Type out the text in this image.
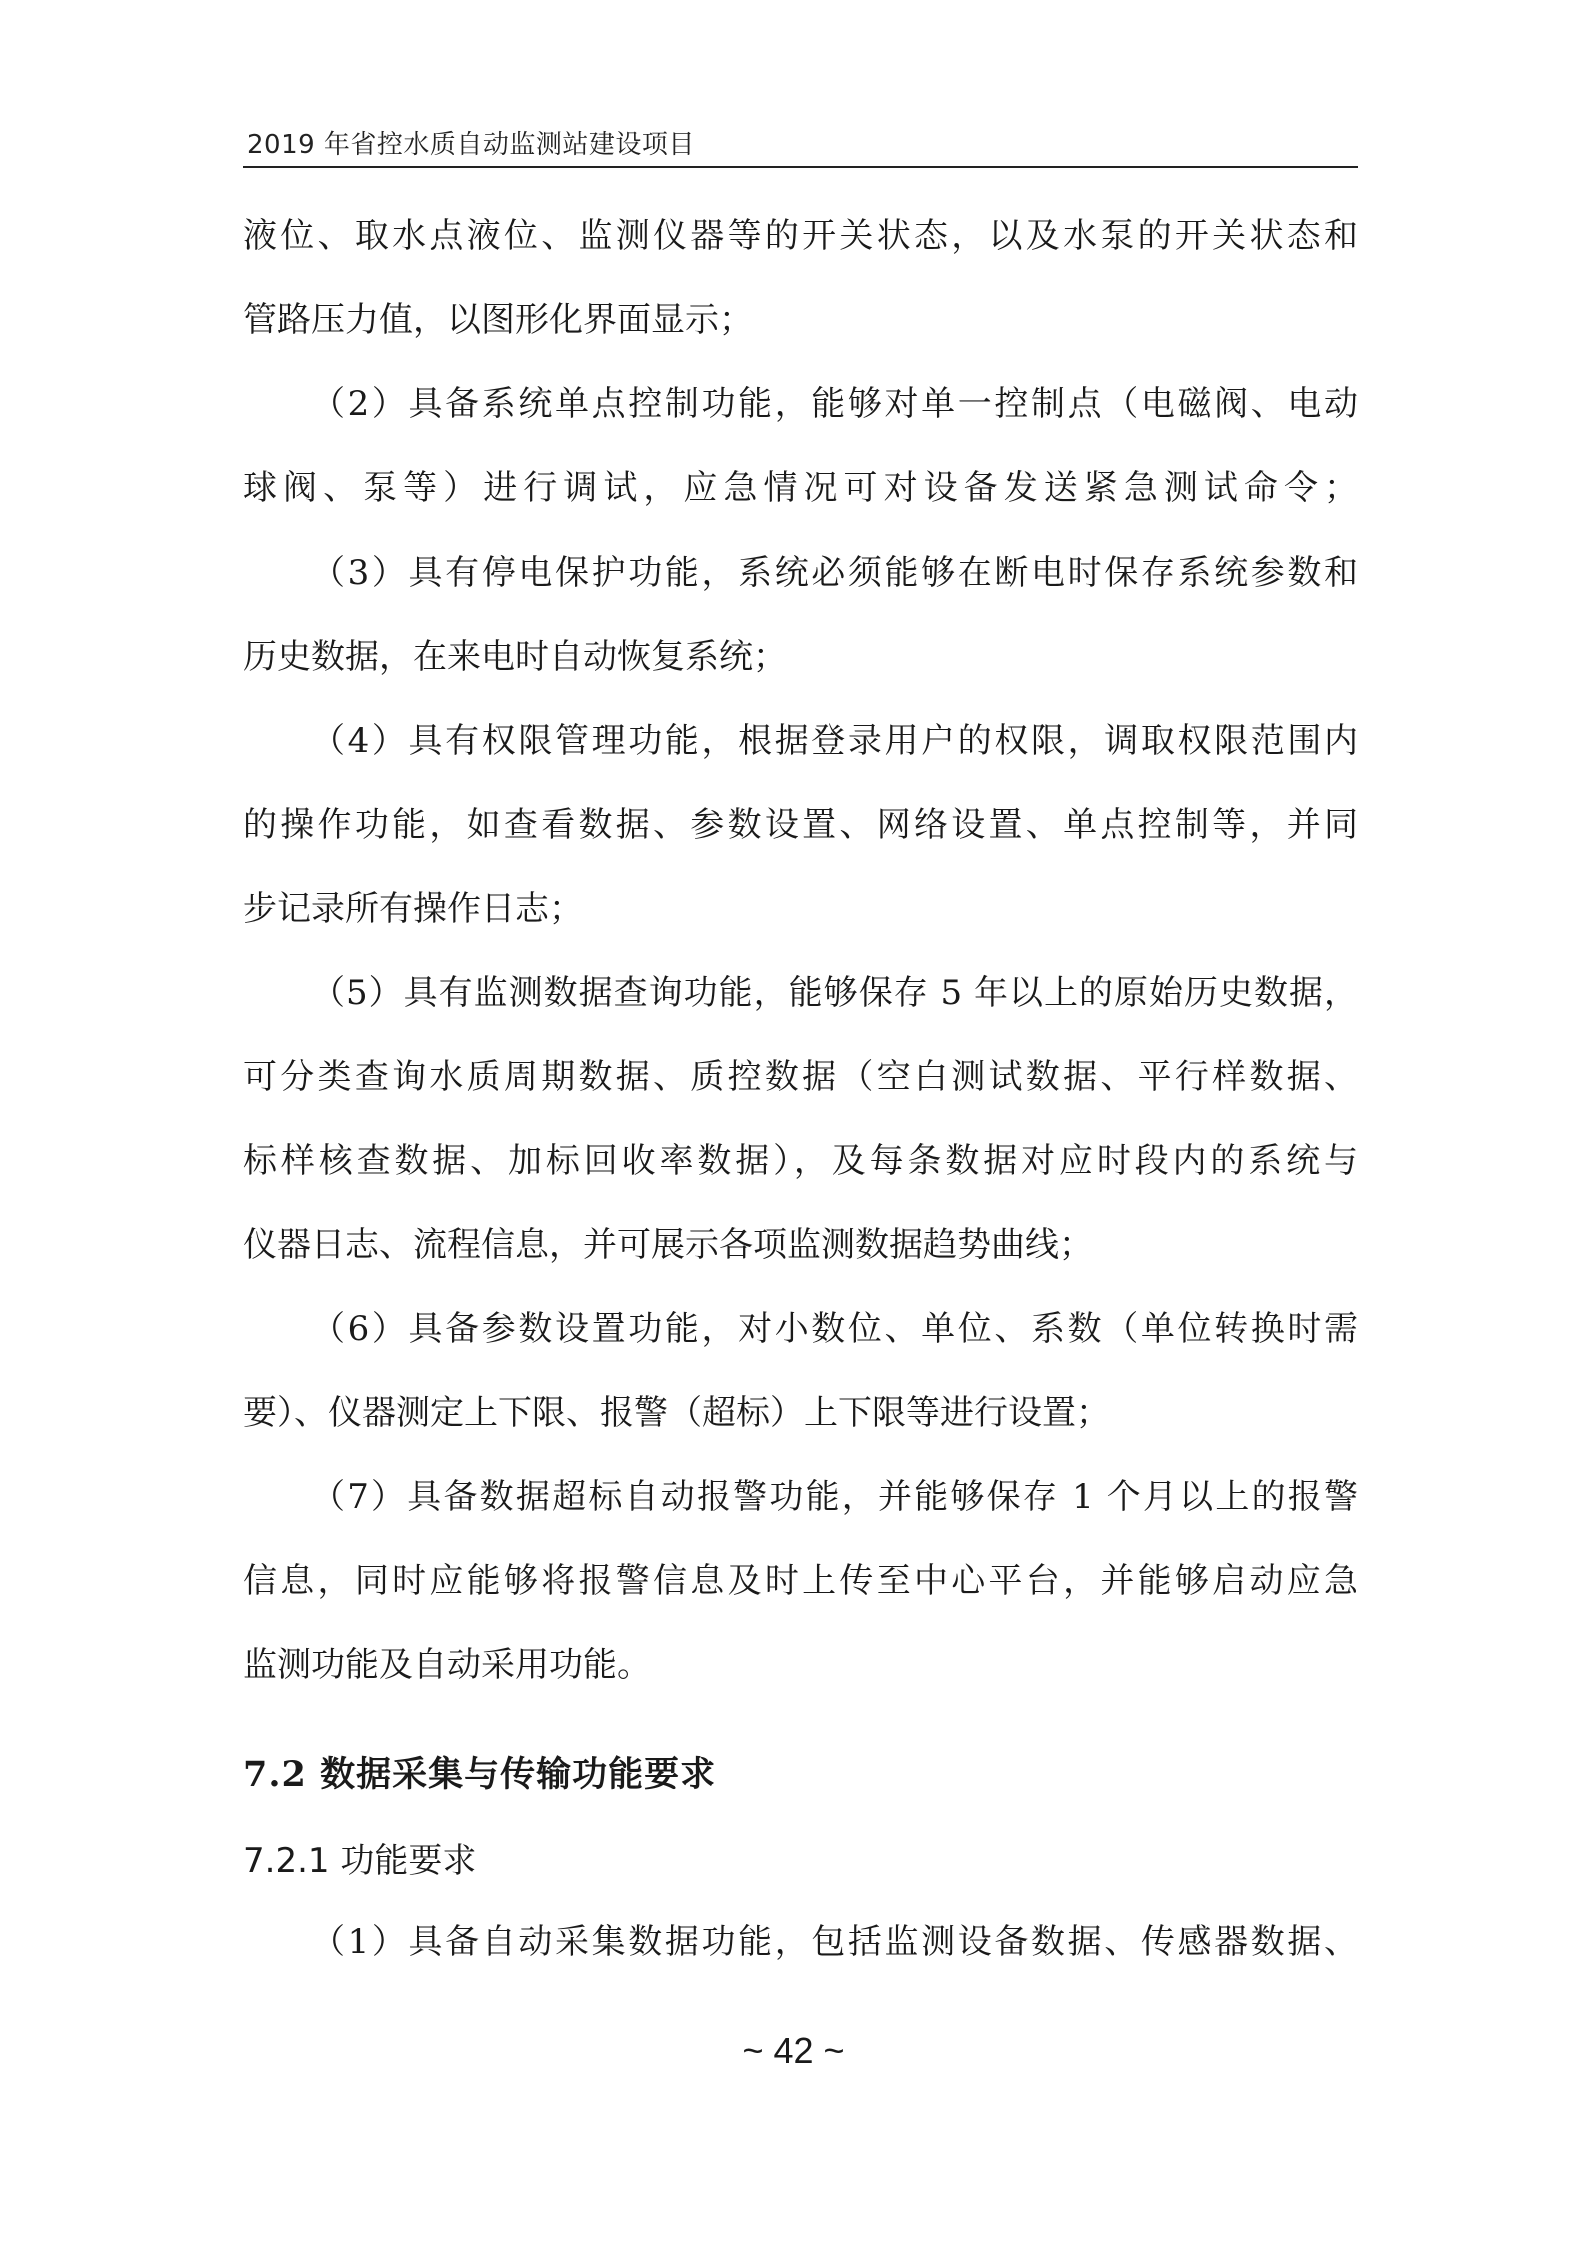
2019 年省控水质自动监测站建设项目
液位、取水点液位、监测仪器等的开关状态，以及水泵的开关状态和
管路压力值，以图形化界面显示；
（2）具备系统单点控制功能，能够对单一控制点（电磁阀、电动
球阀、泵等）进行调试，应急情况可对设备发送紧急测试命令；
（3）具有停电保护功能，系统必须能够在断电时保存系统参数和
历史数据，在来电时自动恢复系统；
（4）具有权限管理功能，根据登录用户的权限，调取权限范围内
的操作功能，如查看数据、参数设置、网络设置、单点控制等，并同
步记录所有操作日志；
（5）具有监测数据查询功能，能够保存 5 年以上的原始历史数据，
可分类查询水质周期数据、质控数据（空白测试数据、平行样数据、
标样核查数据、加标回收率数据），及每条数据对应时段内的系统与
仪器日志、流程信息，并可展示各项监测数据趋势曲线；
（6）具备参数设置功能，对小数位、单位、系数（单位转换时需
要）、仪器测定上下限、报警（超标）上下限等进行设置；
（7）具备数据超标自动报警功能，并能够保存 1 个月以上的报警
信息，同时应能够将报警信息及时上传至中心平台，并能够启动应急
监测功能及自动采用功能。
7.2 数据采集与传输功能要求
7.2.1 功能要求
（1）具备自动采集数据功能，包括监测设备数据、传感器数据、
~ 42 ~
